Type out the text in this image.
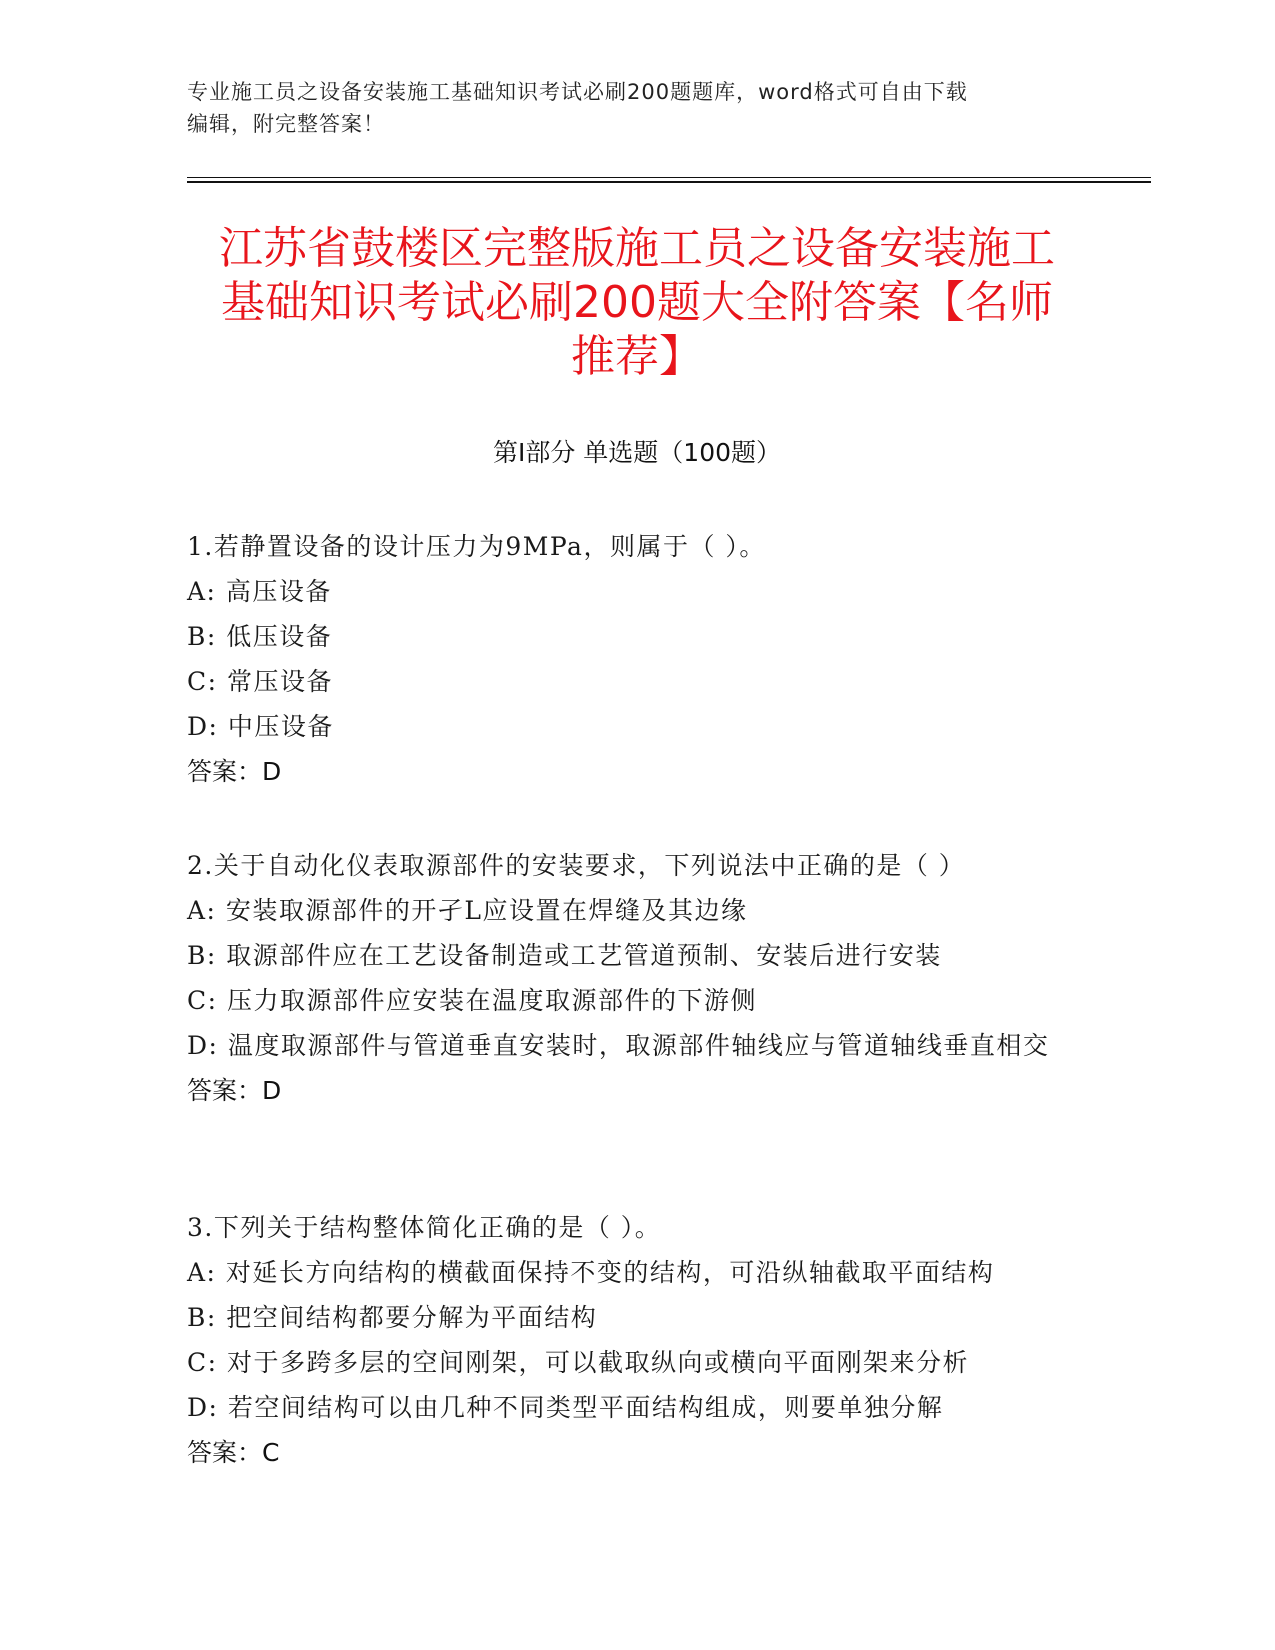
专业施工员之设备安装施工基础知识考试必刷200题题库，word格式可自由下载
编辑，附完整答案！
江苏省鼓楼区完整版施工员之设备安装施工
基础知识考试必刷200题大全附答案【名师
推荐】
第I部分 单选题（100题）
1.若静置设备的设计压力为9MPa，则属于（ ）。
A: 高压设备
B: 低压设备
C: 常压设备
D: 中压设备
答案：D
2.关于自动化仪表取源部件的安装要求，下列说法中正确的是（ ）
A: 安装取源部件的开孑L应设置在焊缝及其边缘
B: 取源部件应在工艺设备制造或工艺管道预制、安装后进行安装
C: 压力取源部件应安装在温度取源部件的下游侧
D: 温度取源部件与管道垂直安装时，取源部件轴线应与管道轴线垂直相交
答案：D
3.下列关于结构整体简化正确的是（ ）。
A: 对延长方向结构的横截面保持不变的结构，可沿纵轴截取平面结构
B: 把空间结构都要分解为平面结构
C: 对于多跨多层的空间刚架，可以截取纵向或横向平面刚架来分析
D: 若空间结构可以由几种不同类型平面结构组成，则要单独分解
答案：C
